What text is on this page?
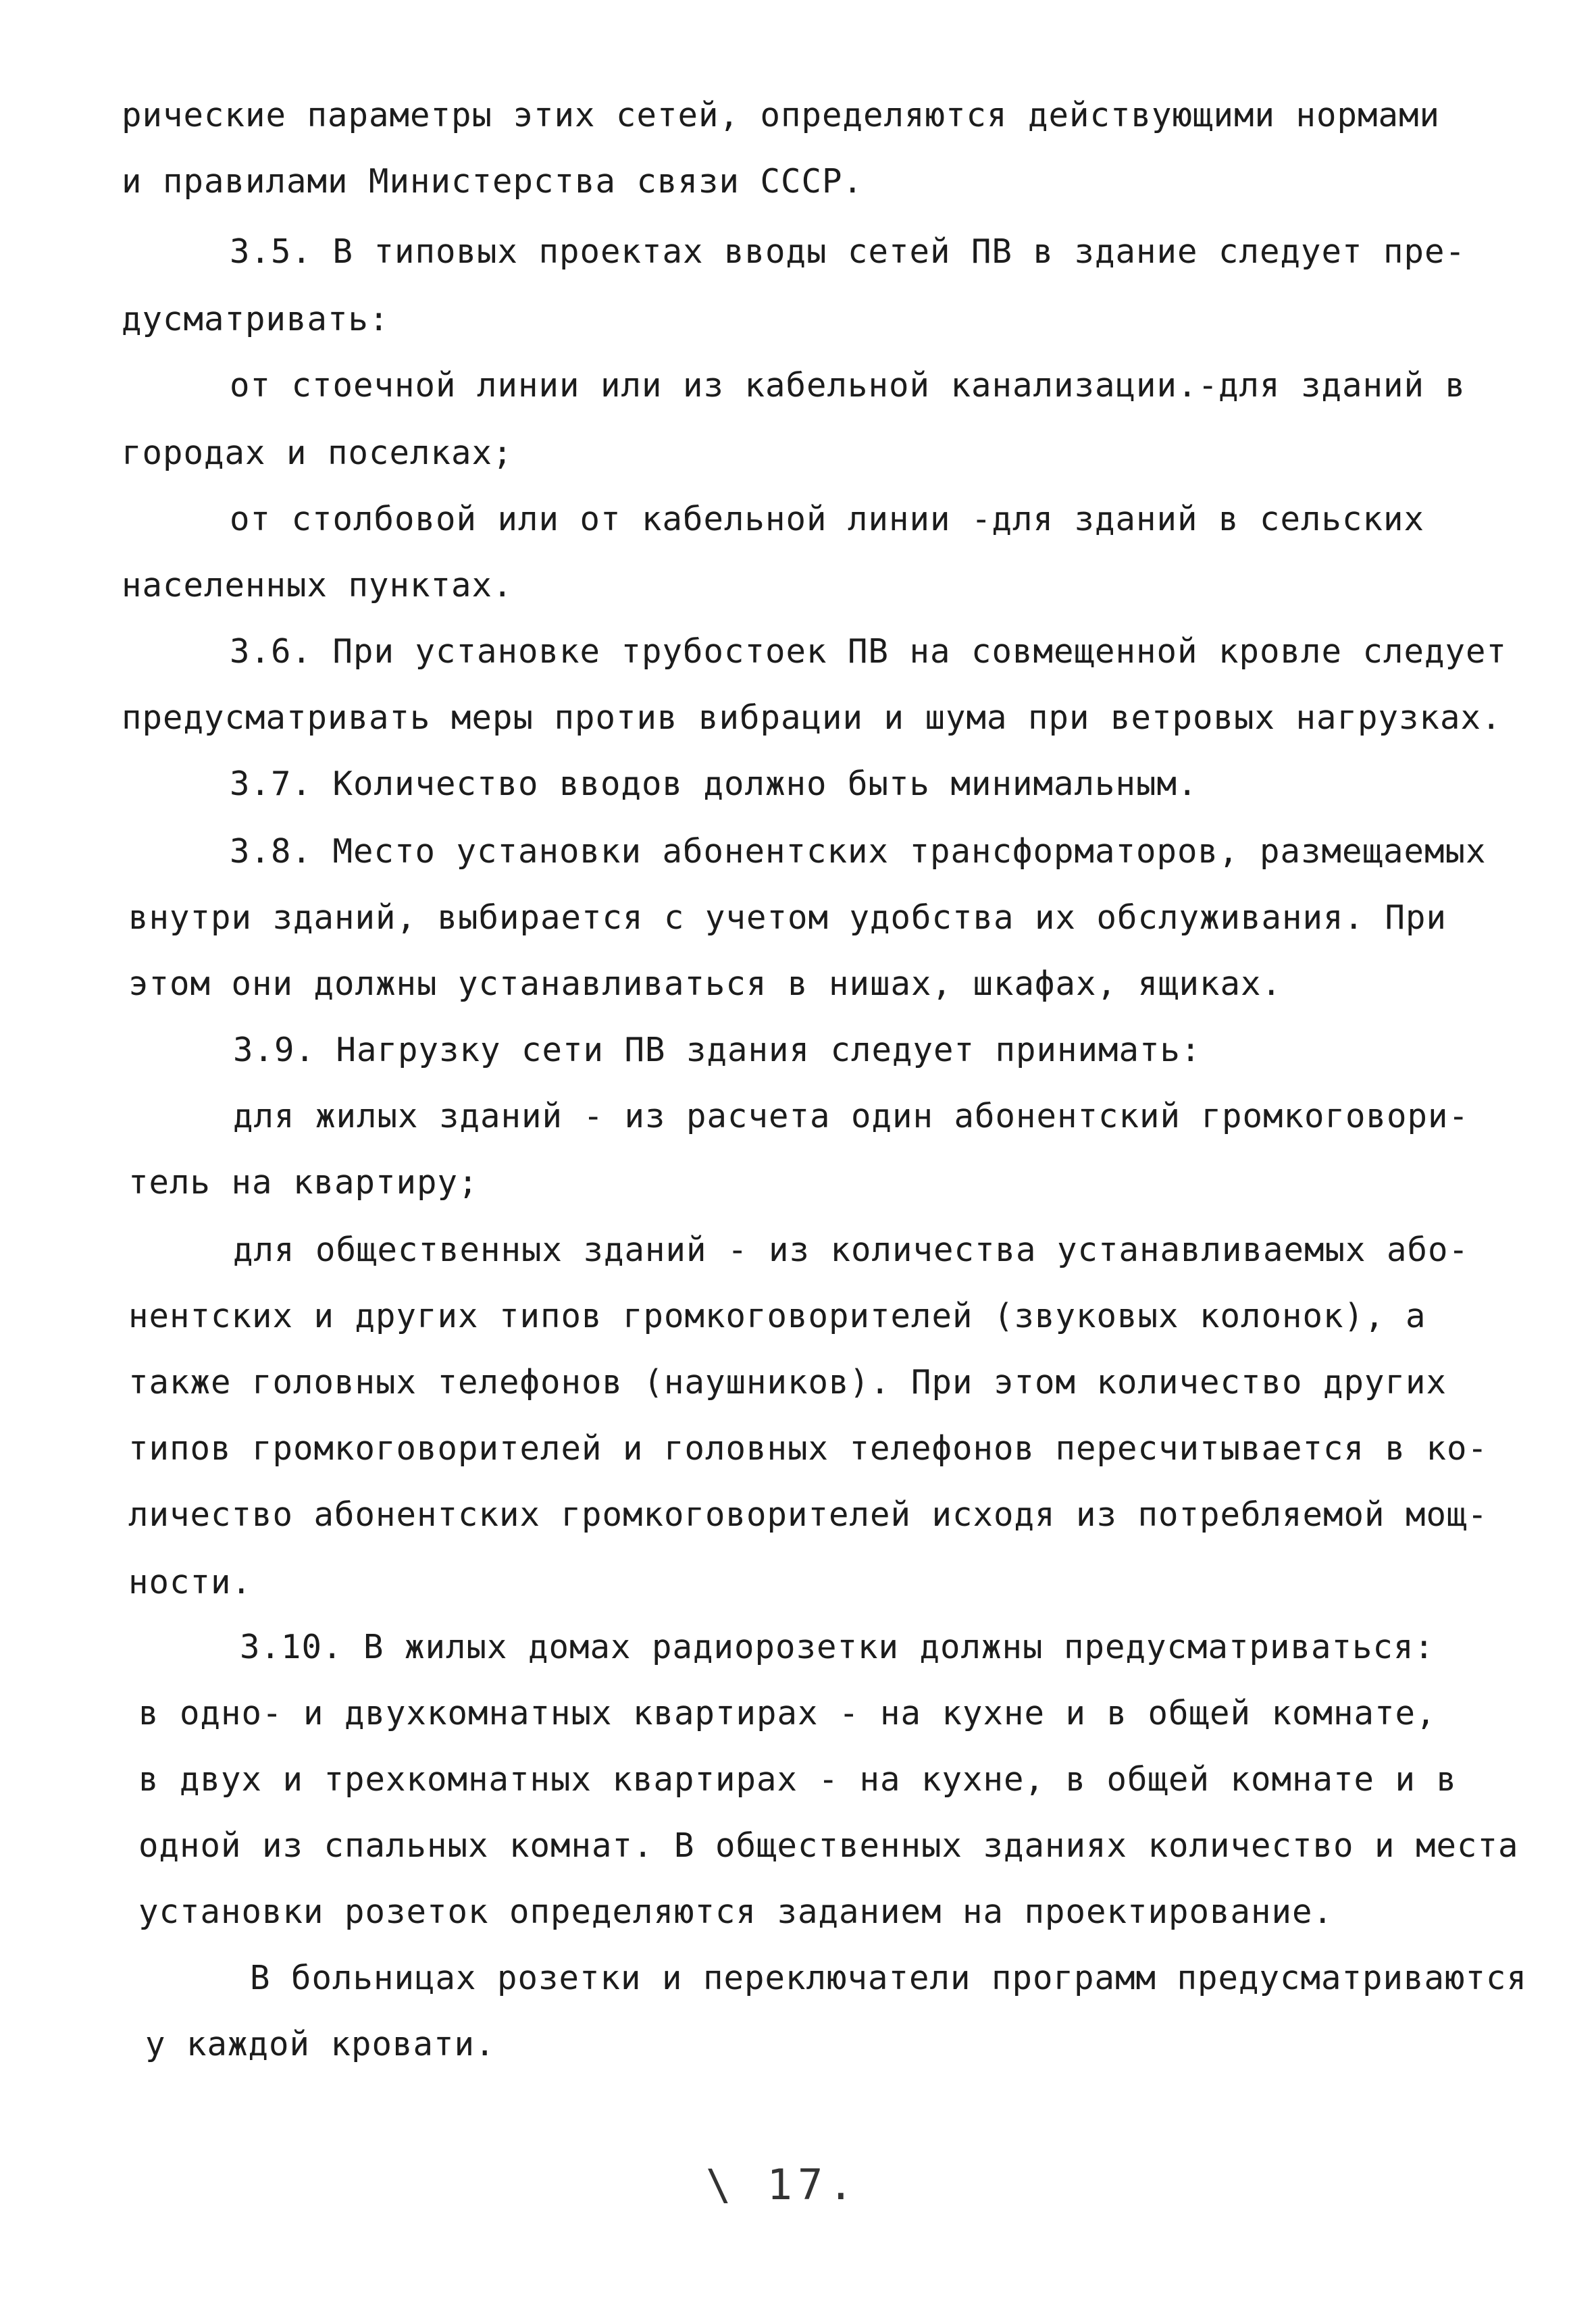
рические параметры этих сетей, определяются действующими нормами
и правилами Министерства связи СССР.
3.5. В типовых проектах вводы сетей ПВ в здание следует пре-
дусматривать:
от стоечной линии или из кабельной канализации.-для зданий в
городах и поселках;
от столбовой или от кабельной линии -для зданий в сельских
населенных пунктах.
3.6. При установке трубостоек ПВ на совмещенной кровле следует
предусматривать меры против вибрации и шума при ветровых нагрузках.
3.7. Количество вводов должно быть минимальным.
3.8. Место установки абонентских трансформаторов, размещаемых
внутри зданий, выбирается с учетом удобства их обслуживания. При
этом они должны устанавливаться в нишах, шкафах, ящиках.
3.9. Нагрузку сети ПВ здания следует принимать:
для жилых зданий - из расчета один абонентский громкоговори-
тель на квартиру;
для общественных зданий - из количества устанавливаемых або-
нентских и других типов громкоговорителей (звуковых колонок), а
также головных телефонов (наушников). При этом количество других
типов громкоговорителей и головных телефонов пересчитывается в ко-
личество абонентских громкоговорителей исходя из потребляемой мощ-
ности.
3.10. В жилых домах радиорозетки должны предусматриваться:
в одно- и двухкомнатных квартирах - на кухне и в общей комнате,
в двух и трехкомнатных квартирах - на кухне, в общей комнате и в
одной из спальных комнат. В общественных зданиях количество и места
установки розеток определяются заданием на проектирование.
В больницах розетки и переключатели программ предусматриваются
у каждой кровати.
\ 17.
